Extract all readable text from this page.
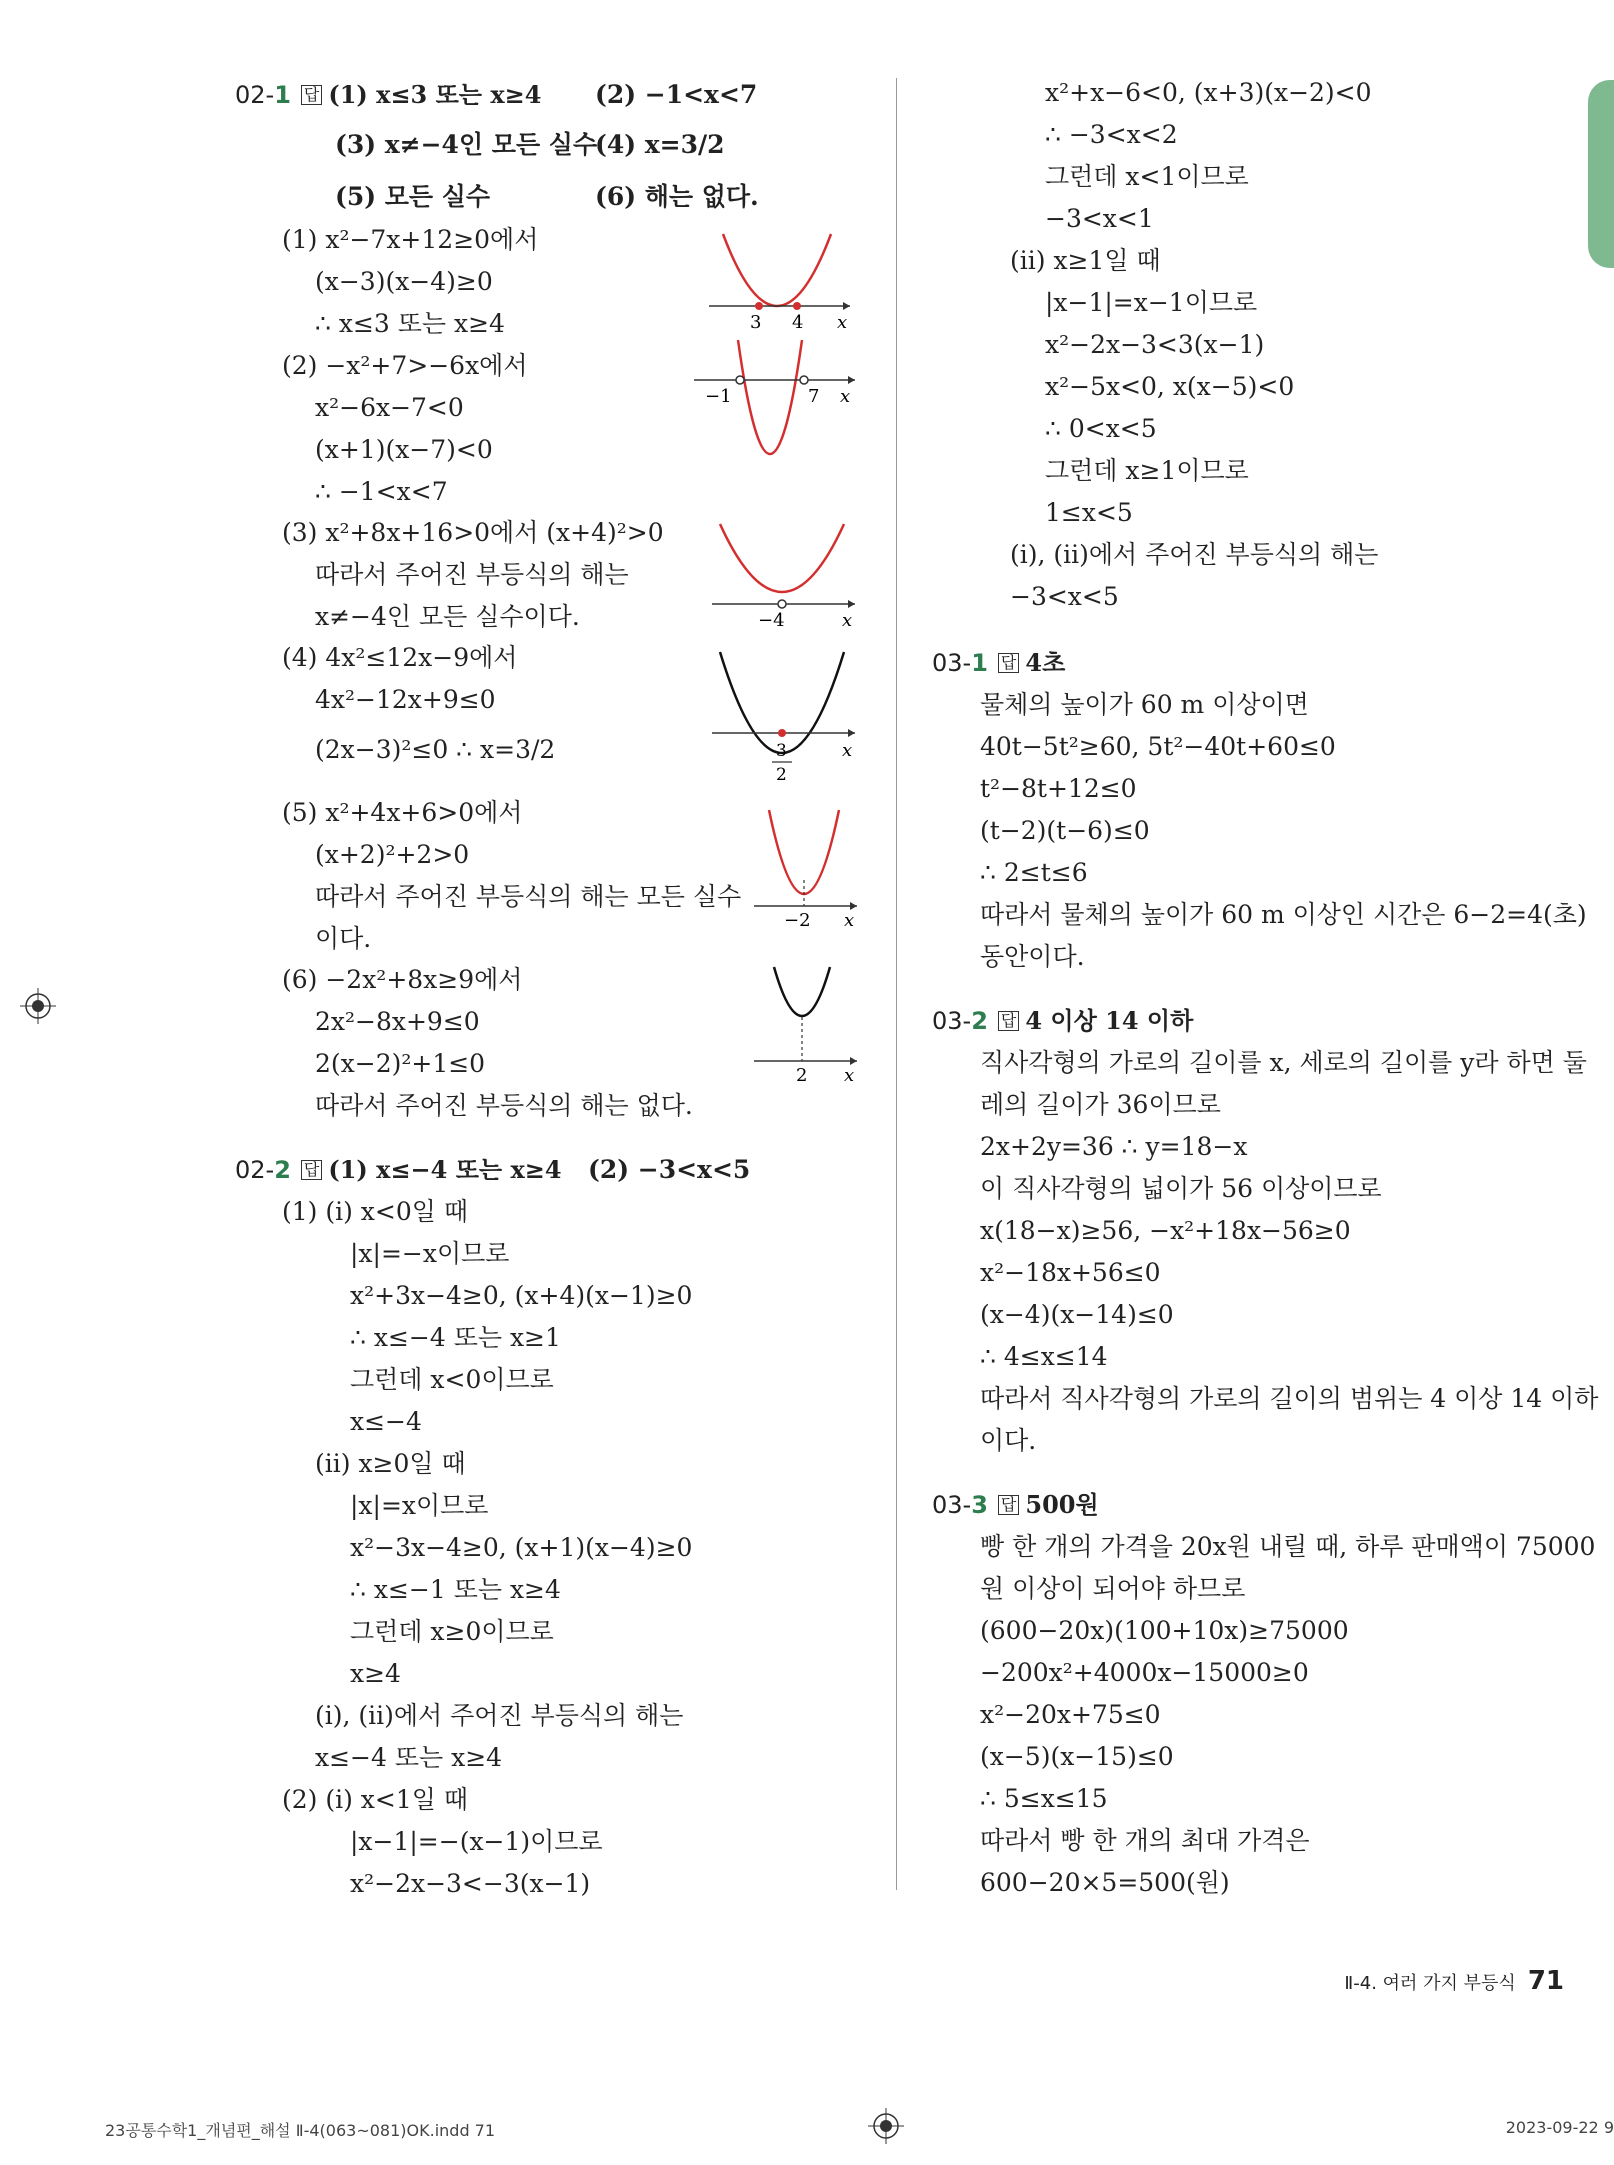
02-1 답 (1) x≤3 또는 x≥4 (2) −1<x<7
(3) x≠−4인 모든 실수
(4) x=3/2
(5) 모든 실수	(6) 해는 없다.
(1) x²−7x+12≥0에서
(x−3)(x−4)≥0
∴ x≤3 또는 x≥4
(2) −x²+7>−6x에서
x²−6x−7<0
(x+1)(x−7)<0
∴ −1<x<7
(3) x²+8x+16>0에서 (x+4)²>0
따라서 주어진 부등식의 해는
x≠−4인 모든 실수이다.
(4) 4x²≤12x−9에서
4x²−12x+9≤0
(2x−3)²≤0 ∴ x=3/2
(5) x²+4x+6>0에서
(x+2)²+2>0
따라서 주어진 부등식의 해는 모든 실수
이다.
(6) −2x²+8x≥9에서
2x²−8x+9≤0
2(x−2)²+1≤0
따라서 주어진 부등식의 해는 없다.
02-2 답 (1) x≤−4 또는 x≥4 (2) −3<x<5
(1) (ⅰ) x<0일 때
|x|=−x이므로
x²+3x−4≥0, (x+4)(x−1)≥0
∴ x≤−4 또는 x≥1
그런데 x<0이므로
x≤−4
(ⅱ) x≥0일 때
|x|=x이므로
x²−3x−4≥0, (x+1)(x−4)≥0
∴ x≤−1 또는 x≥4
그런데 x≥0이므로
x≥4
(ⅰ), (ⅱ)에서 주어진 부등식의 해는
x≤−4 또는 x≥4
(2) (ⅰ) x<1일 때
|x−1|=−(x−1)이므로
x²−2x−3<−3(x−1)
x²+x−6<0, (x+3)(x−2)<0
∴ −3<x<2
그런데 x<1이므로
−3<x<1
(ⅱ) x≥1일 때
|x−1|=x−1이므로
x²−2x−3<3(x−1)
x²−5x<0, x(x−5)<0
∴ 0<x<5
그런데 x≥1이므로
1≤x<5
(ⅰ), (ⅱ)에서 주어진 부등식의 해는
−3<x<5
03-1 답 4초
물체의 높이가 60 m 이상이면
40t−5t²≥60, 5t²−40t+60≤0
t²−8t+12≤0
(t−2)(t−6)≤0
∴ 2≤t≤6
따라서 물체의 높이가 60 m 이상인 시간은 6−2=4(초)
동안이다.
03-2 답 4 이상 14 이하
직사각형의 가로의 길이를 x, 세로의 길이를 y라 하면 둘
레의 길이가 36이므로
2x+2y=36 ∴ y=18−x
이 직사각형의 넓이가 56 이상이므로
x(18−x)≥56, −x²+18x−56≥0
x²−18x+56≤0
(x−4)(x−14)≤0
∴ 4≤x≤14
따라서 직사각형의 가로의 길이의 범위는 4 이상 14 이하
이다.
03-3 답 500원
빵 한 개의 가격을 20x원 내릴 때, 하루 판매액이 75000
원 이상이 되어야 하므로
(600−20x)(100+10x)≥75000
−200x²+4000x−15000≥0
x²−20x+75≤0
(x−5)(x−15)≤0
∴ 5≤x≤15
따라서 빵 한 개의 최대 가격은
600−20×5=500(원)
3 4 x
−1	7 x
−4	x
3
2
x
−2 x
2 x
Ⅱ-4. 여러 가지 부등식 71
23공통수학1_개념편_해설 Ⅱ-4(063~081)OK.indd 71	2023-09-22 9
